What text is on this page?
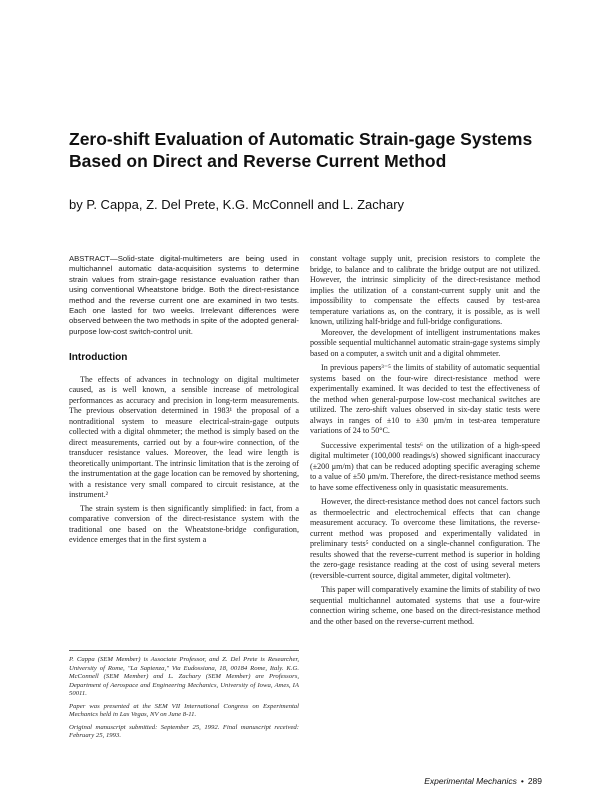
Zero-shift Evaluation of Automatic Strain-gage Systems Based on Direct and Reverse Current Method
by P. Cappa, Z. Del Prete, K.G. McConnell and L. Zachary

ABSTRACT—Solid-state digital-multimeters are being used in multichannel automatic data-acquisition systems to determine strain values from strain-gage resistance evaluation rather than using conventional Wheatstone bridge. Both the direct-resistance method and the reverse current one are examined in two tests. Each one lasted for two weeks. Irrelevant differences were observed between the two methods in spite of the adopted general-purpose low-cost switch-control unit.

Introduction

The effects of advances in technology on digital multimeter caused, as is well known, a sensible increase of metrological performances as accuracy and precision in long-term measurements. The previous observation determined in 1983¹ the proposal of a nontraditional system to measure electrical-strain-gage outputs collected with a digital ohmmeter; the method is simply based on the direct measurements, carried out by a four-wire connection, of the transducer resistance values. Moreover, the lead wire length is theoretically unimportant. The intrinsic limitation that is the zeroing of the instrumentation at the gage location can be removed by shortening, with a resistance very small compared to circuit resistance, at the instrument.²

The strain system is then significantly simplified: in fact, from a comparative conversion of the direct-resistance system with the traditional one based on the Wheatstone-bridge configuration, evidence emerges that in the first system a

constant voltage supply unit, precision resistors to complete the bridge, to balance and to calibrate the bridge output are not utilized. However, the intrinsic simplicity of the direct-resistance method implies the utilization of a constant-current supply unit and the impossibility to compensate the effects caused by test-area temperature variations as, on the contrary, it is possible, as is well known, utilizing half-bridge and full-bridge configurations.

Moreover, the development of intelligent instrumentations makes possible sequential multichannel automatic strain-gage systems simply based on a computer, a switch unit and a digital ohmmeter.

In previous papers³⁻⁵ the limits of stability of automatic sequential systems based on the four-wire direct-resistance method were experimentally examined. It was decided to test the effectiveness of the method when general-purpose low-cost mechanical switches are utilized. The zero-shift values observed in six-day static tests were always in ranges of ±10 to ±30 μm/m in test-area temperature variations of 24 to 50°C.

Successive experimental tests⁶ on the utilization of a high-speed digital multimeter (100,000 readings/s) showed significant inaccuracy (±200 μm/m) that can be reduced adopting specific averaging scheme to a value of ±50 μm/m. Therefore, the direct-resistance method seems to have some effectiveness only in quasistatic measurements.

However, the direct-resistance method does not cancel factors such as thermoelectric and electrochemical effects that can change measurement accuracy. To overcome these limitations, the reverse-current method was proposed and experimentally validated in preliminary tests⁵ conducted on a single-channel configuration. The results showed that the reverse-current method is superior in holding the zero-gage resistance reading at the cost of using several meters (reversible-current source, digital ammeter, digital voltmeter).

This paper will comparatively examine the limits of stability of two sequential multichannel automated systems that use a four-wire connection wiring scheme, one based on the direct-resistance method and the other based on the reverse-current method.

P. Cappa (SEM Member) is Associate Professor, and Z. Del Prete is Researcher, University of Rome, "La Sapienza," Via Eudossiana, 18, 00184 Rome, Italy. K.G. McConnell (SEM Member) and L. Zachary (SEM Member) are Professors, Department of Aerospace and Engineering Mechanics, University of Iowa, Ames, IA 50011.

Paper was presented at the SEM VII International Congress on Experimental Mechanics held in Las Vegas, NV on June 8-11.

Original manuscript submitted: September 25, 1992. Final manuscript received: February 25, 1993.

Experimental Mechanics • 289
